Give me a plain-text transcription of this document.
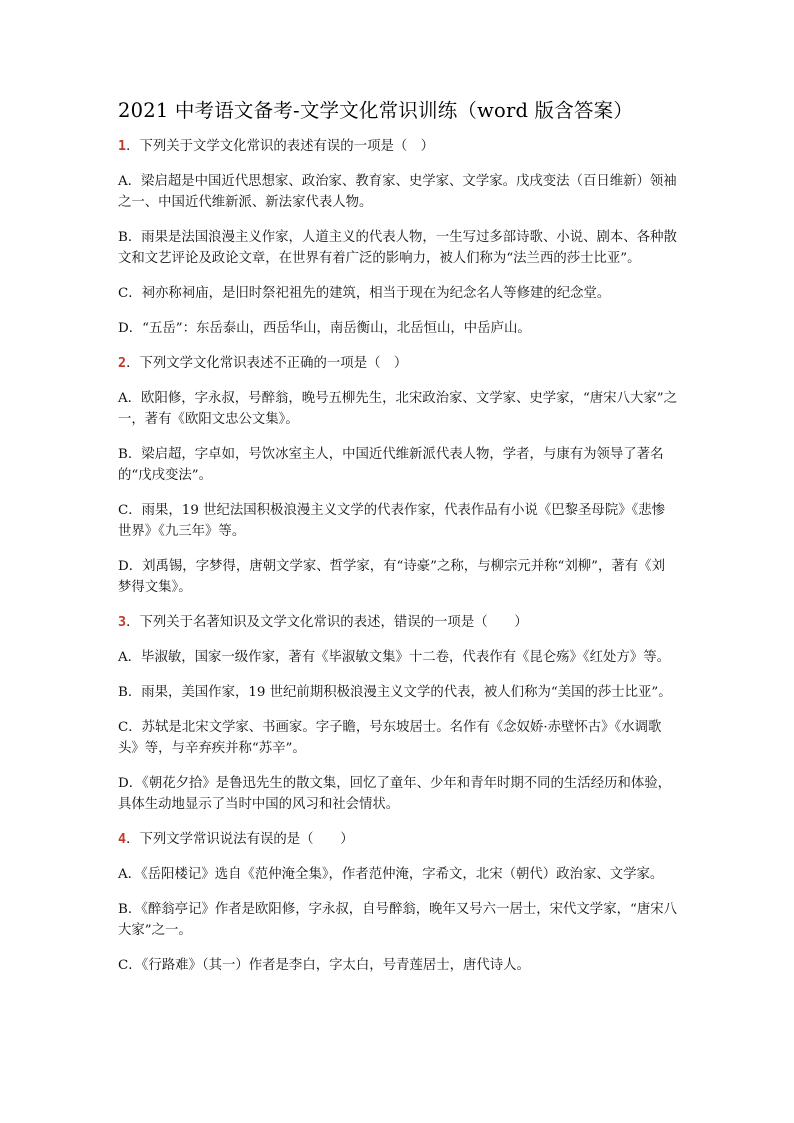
2021 中考语文备考-文学文化常识训练（word 版含答案）

1．下列关于文学文化常识的表述有误的一项是（　）

A．梁启超是中国近代思想家、政治家、教育家、史学家、文学家。戊戌变法（百日维新）领袖之一、中国近代维新派、新法家代表人物。

B．雨果是法国浪漫主义作家，人道主义的代表人物，一生写过多部诗歌、小说、剧本、各种散文和文艺评论及政论文章，在世界有着广泛的影响力，被人们称为“法兰西的莎士比亚”。

C．祠亦称祠庙，是旧时祭祀祖先的建筑，相当于现在为纪念名人等修建的纪念堂。

D．“五岳”：东岳泰山，西岳华山，南岳衡山，北岳恒山，中岳庐山。

2．下列文学文化常识表述不正确的一项是（　）

A．欧阳修，字永叔，号醉翁，晚号五柳先生，北宋政治家、文学家、史学家，“唐宋八大家”之一，著有《欧阳文忠公文集》。

B．梁启超，字卓如，号饮冰室主人，中国近代维新派代表人物，学者，与康有为领导了著名的“戊戌变法”。

C．雨果，19 世纪法国积极浪漫主义文学的代表作家，代表作品有小说《巴黎圣母院》《悲惨世界》《九三年》等。

D．刘禹锡，字梦得，唐朝文学家、哲学家，有“诗豪”之称，与柳宗元并称“刘柳”，著有《刘梦得文集》。

3．下列关于名著知识及文学文化常识的表述，错误的一项是（　　）

A．毕淑敏，国家一级作家，著有《毕淑敏文集》十二卷，代表作有《昆仑殇》《红处方》等。

B．雨果，美国作家，19 世纪前期积极浪漫主义文学的代表，被人们称为“美国的莎士比亚”。

C．苏轼是北宋文学家、书画家。字子瞻，号东坡居士。名作有《念奴娇·赤壁怀古》《水调歌头》等，与辛弃疾并称“苏辛”。

D．《朝花夕拾》是鲁迅先生的散文集，回忆了童年、少年和青年时期不同的生活经历和体验，具体生动地显示了当时中国的风习和社会情状。

4．下列文学常识说法有误的是（　　）

A．《岳阳楼记》选自《范仲淹全集》，作者范仲淹，字希文，北宋（朝代）政治家、文学家。

B．《醉翁亭记》作者是欧阳修，字永叔，自号醉翁，晚年又号六一居士，宋代文学家，“唐宋八大家”之一。

C．《行路难》（其一）作者是李白，字太白，号青莲居士，唐代诗人。
